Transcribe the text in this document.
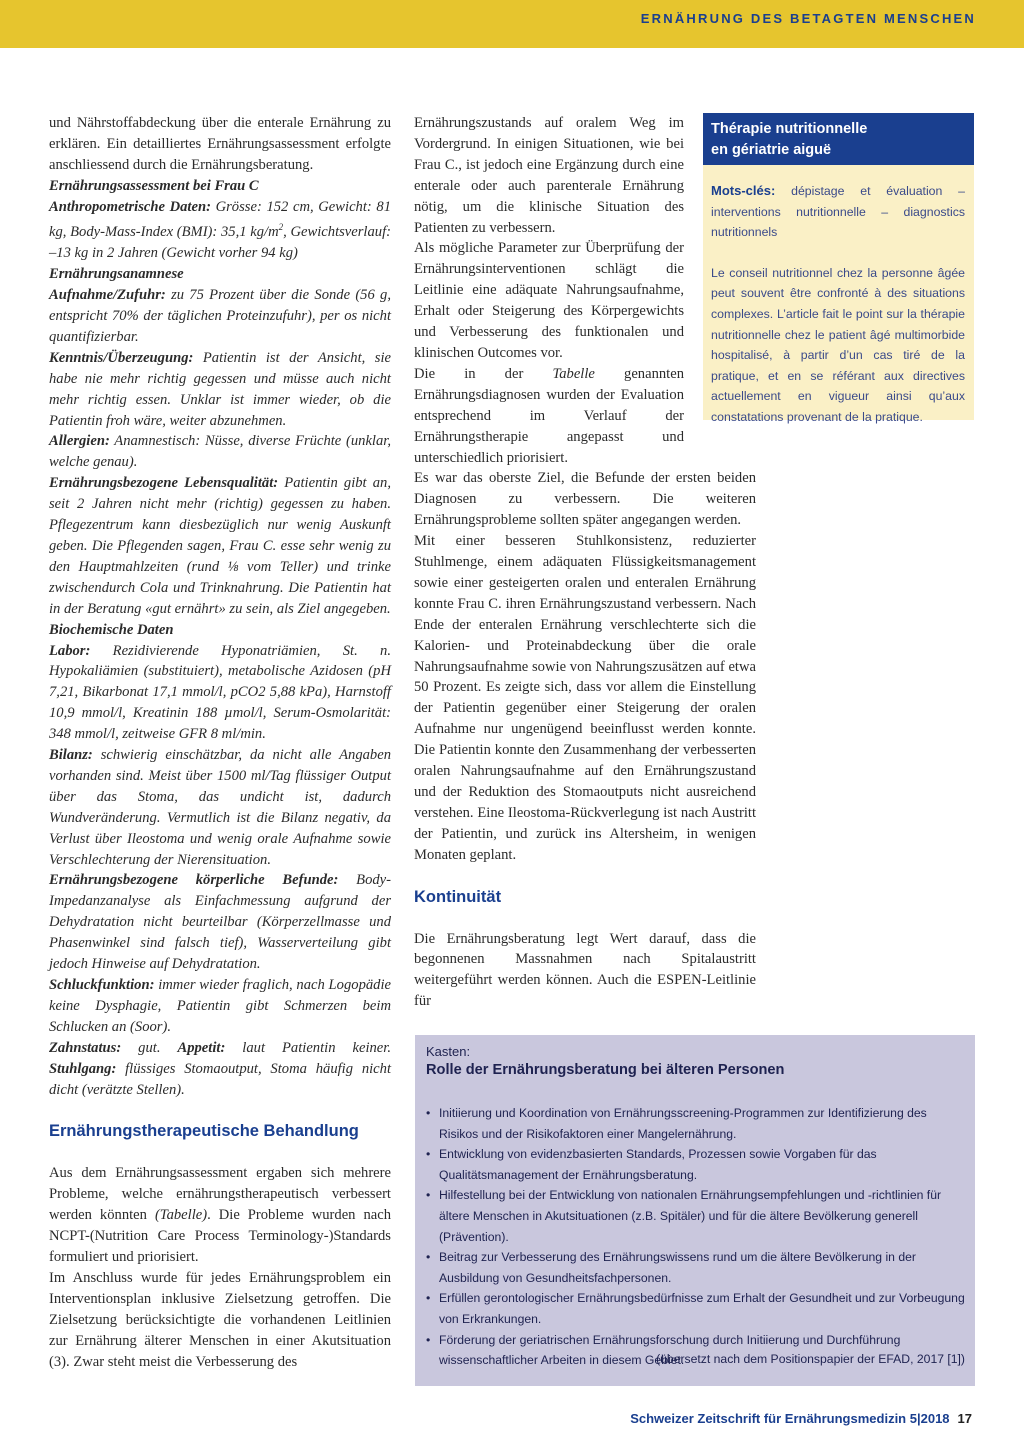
ERNÄHRUNG DES BETAGTEN MENSCHEN

und Nährstoffabdeckung über die enterale Ernährung zu erklären. Ein detailliertes Ernährungsassessment erfolgte anschliessend durch die Ernährungsberatung.

Ernährungsassessment bei Frau C

Anthropometrische Daten: Grösse: 152 cm, Gewicht: 81 kg, Body-Mass-Index (BMI): 35,1 $kg/m^2$, Gewichtsverlauf: –13 kg in 2 Jahren (Gewicht vorher 94 kg)

Ernährungsanamnese

Aufnahme/Zufuhr: zu 75 Prozent über die Sonde (56 g, entspricht 70% der täglichen Proteinzufuhr), per os nicht quantifizierbar.

Kenntnis/Überzeugung: Patientin ist der Ansicht, sie habe nie mehr richtig gegessen und müsse auch nicht mehr richtig essen. Unklar ist immer wieder, ob die Patientin froh wäre, weiter abzunehmen.

Allergien: Anamnestisch: Nüsse, diverse Früchte (unklar, welche genau).

Ernährungsbezogene Lebensqualität: Patientin gibt an, seit 2 Jahren nicht mehr (richtig) gegessen zu haben. Pflegezentrum kann diesbezüglich nur wenig Auskunft geben. Die Pflegenden sagen, Frau C. esse sehr wenig zu den Hauptmahlzeiten (rund ⅛ vom Teller) und trinke zwischendurch Cola und Trinknahrung. Die Patientin hat in der Beratung «gut ernährt» zu sein, als Ziel angegeben.

Biochemische Daten

Labor: Rezidivierende Hyponatriämien, St. n. Hypokaliämien (substituiert), metabolische Azidosen (pH 7,21, Bikarbonat 17,1 mmol/l, pCO2 5,88 kPa), Harnstoff 10,9 mmol/l, Kreatinin 188 µmol/l, Serum-Osmolarität: 348 mmol/l, zeitweise GFR 8 ml/min.

Bilanz: schwierig einschätzbar, da nicht alle Angaben vorhanden sind. Meist über 1500 ml/Tag flüssiger Output über das Stoma, das undicht ist, dadurch Wundveränderung. Vermutlich ist die Bilanz negativ, da Verlust über Ileostoma und wenig orale Aufnahme sowie Verschlechterung der Nierensituation.

Ernährungsbezogene körperliche Befunde: Body-Impedanzanalyse als Einfachmessung aufgrund der Dehydratation nicht beurteilbar (Körperzellmasse und Phasenwinkel sind falsch tief), Wasserverteilung gibt jedoch Hinweise auf Dehydratation.

Schluckfunktion: immer wieder fraglich, nach Logopädie keine Dysphagie, Patientin gibt Schmerzen beim Schlucken an (Soor).

Zahnstatus: gut. Appetit: laut Patientin keiner. Stuhlgang: flüssiges Stomaoutput, Stoma häufig nicht dicht (verätzte Stellen).

Ernährungstherapeutische Behandlung

Aus dem Ernährungsassessment ergaben sich mehrere Probleme, welche ernährungstherapeutisch verbessert werden könnten (Tabelle). Die Probleme wurden nach NCPT-(Nutrition Care Process Terminology-)Standards formuliert und priorisiert.

Im Anschluss wurde für jedes Ernährungsproblem ein Interventionsplan inklusive Zielsetzung getroffen. Die Zielsetzung berücksichtigte die vorhandenen Leitlinien zur Ernährung älterer Menschen in einer Akutsituation (3). Zwar steht meist die Verbesserung des

Ernährungszustands auf oralem Weg im Vordergrund. In einigen Situationen, wie bei Frau C., ist jedoch eine Ergänzung durch eine enterale oder auch parenterale Ernährung nötig, um die klinische Situation des Patienten zu verbessern.

Als mögliche Parameter zur Überprüfung der Ernährungsinterventionen schlägt die Leitlinie eine adäquate Nahrungsaufnahme, Erhalt oder Steigerung des Körpergewichts und Verbesserung des funktionalen und klinischen Outcomes vor.

Die in der Tabelle genannten Ernährungsdiagnosen wurden der Evaluation entsprechend im Verlauf der Ernährungstherapie angepasst und unterschiedlich priorisiert.

Es war das oberste Ziel, die Befunde der ersten beiden Diagnosen zu verbessern. Die weiteren Ernährungsprobleme sollten später angegangen werden.

Mit einer besseren Stuhlkonsistenz, reduzierter Stuhlmenge, einem adäquaten Flüssigkeitsmanagement sowie einer gesteigerten oralen und enteralen Ernährung konnte Frau C. ihren Ernährungszustand verbessern. Nach Ende der enteralen Ernährung verschlechterte sich die Kalorien- und Proteinabdeckung über die orale Nahrungsaufnahme sowie von Nahrungszusätzen auf etwa 50 Prozent. Es zeigte sich, dass vor allem die Einstellung der Patientin gegenüber einer Steigerung der oralen Aufnahme nur ungenügend beeinflusst werden konnte. Die Patientin konnte den Zusammenhang der verbesserten oralen Nahrungsaufnahme auf den Ernährungszustand und der Reduktion des Stomaoutputs nicht ausreichend verstehen. Eine Ileostoma-Rückverlegung ist nach Austritt der Patientin, und zurück ins Altersheim, in wenigen Monaten geplant.

Kontinuität

Die Ernährungsberatung legt Wert darauf, dass die begonnenen Massnahmen nach Spitalaustritt weitergeführt werden können. Auch die ESPEN-Leitlinie für

Thérapie nutritionnelle
en gériatrie aiguë

Mots-clés: dépistage et évaluation – interventions nutritionnelle – diagnostics nutritionnels

Le conseil nutritionnel chez la personne âgée peut souvent être confronté à des situations complexes. L’article fait le point sur la thérapie nutritionnelle chez le patient âgé multimorbide hospitalisé, à partir d’un cas tiré de la pratique, et en se référant aux directives actuellement en vigueur ainsi qu’aux constatations provenant de la pratique.

Kasten:
Rolle der Ernährungsberatung bei älteren Personen
• Initiierung und Koordination von Ernährungsscreening-Programmen zur Identifizierung des Risikos und der Risikofaktoren einer Mangelernährung.
• Entwicklung von evidenzbasierten Standards, Prozessen sowie Vorgaben für das Qualitätsmanagement der Ernährungsberatung.
• Hilfestellung bei der Entwicklung von nationalen Ernährungsempfehlungen und -richtlinien für ältere Menschen in Akutsituationen (z.B. Spitäler) und für die ältere Bevölkerung generell (Prävention).
• Beitrag zur Verbesserung des Ernährungswissens rund um die ältere Bevölkerung in der Ausbildung von Gesundheitsfachpersonen.
• Erfüllen gerontologischer Ernährungsbedürfnisse zum Erhalt der Gesundheit und zur Vorbeugung von Erkrankungen.
• Förderung der geriatrischen Ernährungsforschung durch Initiierung und Durchführung wissenschaftlicher Arbeiten in diesem Gebiet.
(übersetzt nach dem Positionspapier der EFAD, 2017 [1])
Schweizer Zeitschrift für Ernährungsmedizin 5|2018 17
